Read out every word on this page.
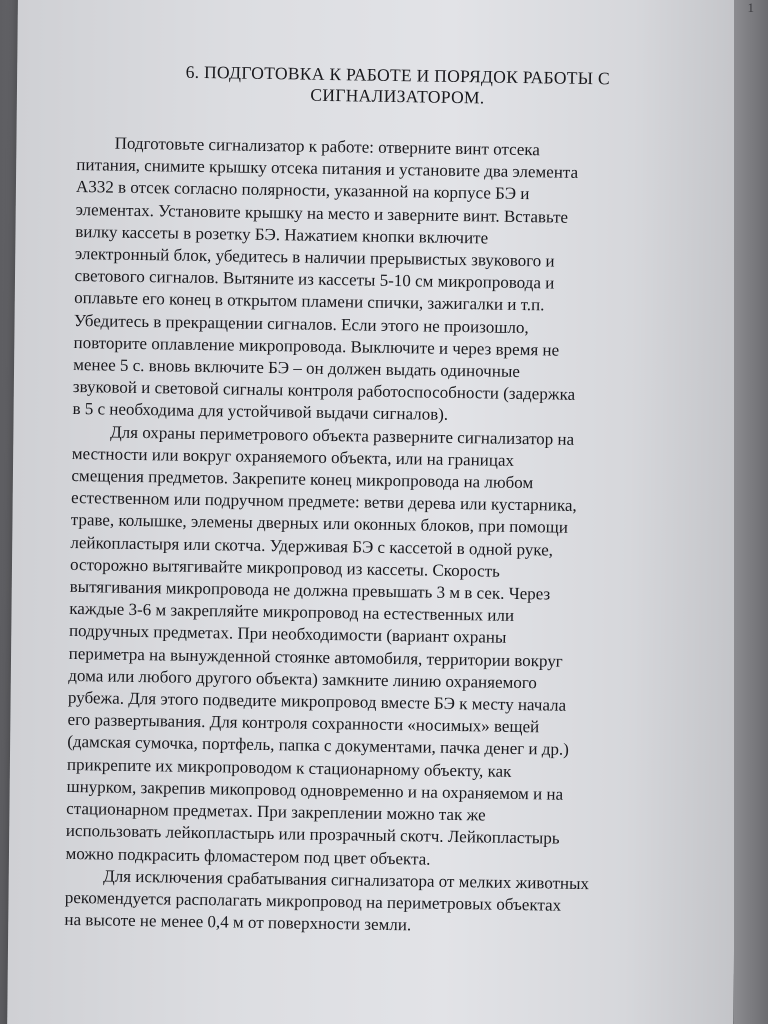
1
6. ПОДГОТОВКА К РАБОТЕ И ПОРЯДОК РАБОТЫ С
СИГНАЛИЗАТОРОМ.
Подготовьте сигнализатор к работе: отверните винт отсека
питания, снимите крышку отсека питания и установите два элемента
А332 в отсек согласно полярности, указанной на корпусе БЭ и
элементах. Установите крышку на место и заверните винт. Вставьте
вилку кассеты в розетку БЭ. Нажатием кнопки включите
электронный блок, убедитесь в наличии прерывистых звукового и
светового сигналов. Вытяните из кассеты 5-10 см микропровода и
оплавьте его конец в открытом пламени спички, зажигалки и т.п.
Убедитесь в прекращении сигналов. Если этого не произошло,
повторите оплавление микропровода. Выключите и через время не
менее 5 с. вновь включите БЭ – он должен выдать одиночные
звуковой и световой сигналы контроля работоспособности (задержка
в 5 с необходима для устойчивой выдачи сигналов).
Для охраны периметрового объекта разверните сигнализатор на
местности или вокруг охраняемого объекта, или на границах
смещения предметов. Закрепите конец микропровода на любом
естественном или подручном предмете: ветви дерева или кустарника,
траве, колышке, элемены дверных или оконных блоков, при помощи
лейкопластыря или скотча. Удерживая БЭ с кассетой в одной руке,
осторожно вытягивайте микропровод из кассеты. Скорость
вытягивания микропровода не должна превышать 3 м в сек. Через
каждые 3-6 м закрепляйте микропровод на естественных или
подручных предметах. При необходимости (вариант охраны
периметра на вынужденной стоянке автомобиля, территории вокруг
дома или любого другого объекта) замкните линию охраняемого
рубежа. Для этого подведите микропровод вместе БЭ к месту начала
его развертывания. Для контроля сохранности «носимых» вещей
(дамская сумочка, портфель, папка с документами, пачка денег и др.)
прикрепите их микропроводом к стационарному объекту, как
шнурком, закрепив микопровод одновременно и на охраняемом и на
стационарном предметах. При закреплении можно так же
использовать лейкопластырь или прозрачный скотч. Лейкопластырь
можно подкрасить фломастером под цвет объекта.
Для исключения срабатывания сигнализатора от мелких животных
рекомендуется располагать микропровод на периметровых объектах
на высоте не менее 0,4 м от поверхности земли.
